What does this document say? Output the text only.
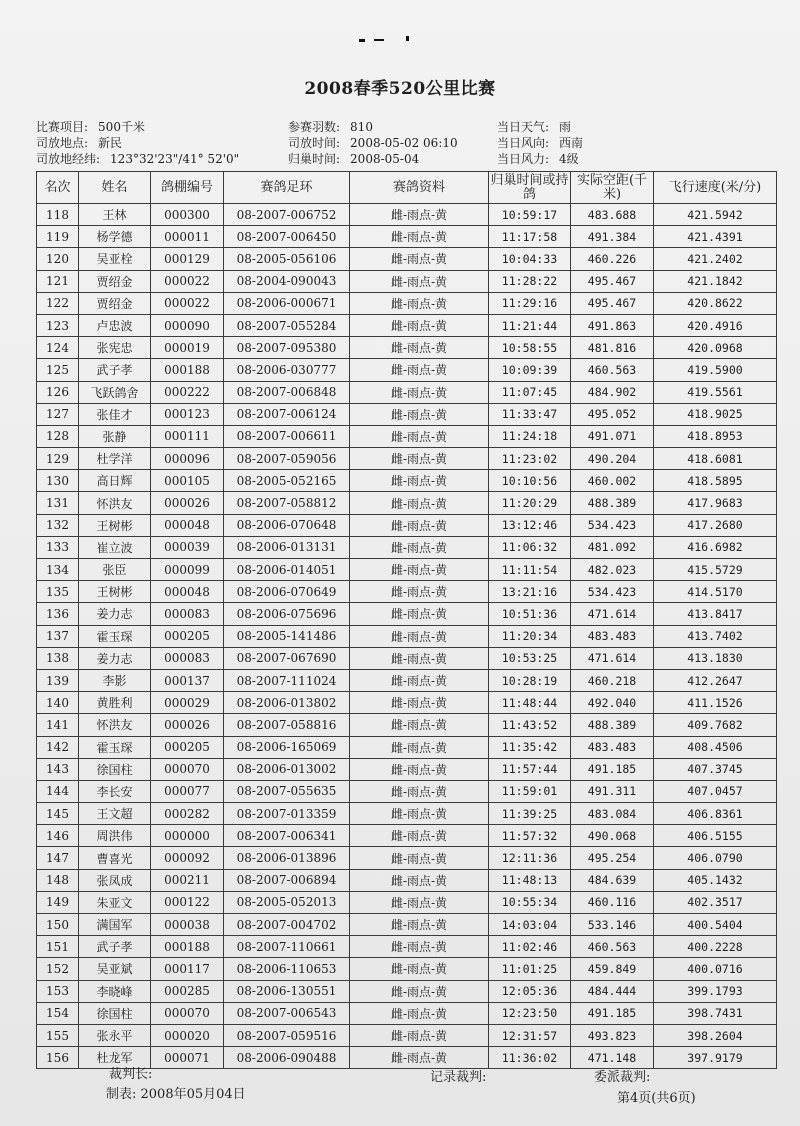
2008春季520公里比赛
比赛项目: 500千米	参赛羽数: 810	当日天气: 雨
司放地点: 新民	司放时间: 2008-05-02 06:10	当日风向: 西南
司放地经纬: 123°32'23"/41° 52'0"	归巢时间: 2008-05-04	当日风力: 4级
名次	姓名	鸽棚编号	赛鸽足环	赛鸽资料	归巢时间或持鸽	实际空距(千米)	飞行速度(米/分)
118	王林	000300	08-2007-006752	雌-雨点-黄	10:59:17	483.688	421.5942
119	杨学德	000011	08-2007-006450	雌-雨点-黄	11:17:58	491.384	421.4391
120	吴亚栓	000129	08-2005-056106	雌-雨点-黄	10:04:33	460.226	421.2402
121	贾绍金	000022	08-2004-090043	雌-雨点-黄	11:28:22	495.467	421.1842
122	贾绍金	000022	08-2006-000671	雌-雨点-黄	11:29:16	495.467	420.8622
123	卢忠波	000090	08-2007-055284	雌-雨点-黄	11:21:44	491.863	420.4916
124	张宪忠	000019	08-2007-095380	雌-雨点-黄	10:58:55	481.816	420.0968
125	武子孝	000188	08-2006-030777	雌-雨点-黄	10:09:39	460.563	419.5900
126	飞跃鸽舍	000222	08-2007-006848	雌-雨点-黄	11:07:45	484.902	419.5561
127	张佳才	000123	08-2007-006124	雌-雨点-黄	11:33:47	495.052	418.9025
128	张静	000111	08-2007-006611	雌-雨点-黄	11:24:18	491.071	418.8953
129	杜学洋	000096	08-2007-059056	雌-雨点-黄	11:23:02	490.204	418.6081
130	高日辉	000105	08-2005-052165	雌-雨点-黄	10:10:56	460.002	418.5895
131	怀洪友	000026	08-2007-058812	雌-雨点-黄	11:20:29	488.389	417.9683
132	王树彬	000048	08-2006-070648	雌-雨点-黄	13:12:46	534.423	417.2680
133	崔立波	000039	08-2006-013131	雌-雨点-黄	11:06:32	481.092	416.6982
134	张臣	000099	08-2006-014051	雌-雨点-黄	11:11:54	482.023	415.5729
135	王树彬	000048	08-2006-070649	雌-雨点-黄	13:21:16	534.423	414.5170
136	姜力志	000083	08-2006-075696	雌-雨点-黄	10:51:36	471.614	413.8417
137	霍玉琛	000205	08-2005-141486	雌-雨点-黄	11:20:34	483.483	413.7402
138	姜力志	000083	08-2007-067690	雌-雨点-黄	10:53:25	471.614	413.1830
139	李影	000137	08-2007-111024	雌-雨点-黄	10:28:19	460.218	412.2647
140	黄胜利	000029	08-2006-013802	雌-雨点-黄	11:48:44	492.040	411.1526
141	怀洪友	000026	08-2007-058816	雌-雨点-黄	11:43:52	488.389	409.7682
142	霍玉琛	000205	08-2006-165069	雌-雨点-黄	11:35:42	483.483	408.4506
143	徐国柱	000070	08-2006-013002	雌-雨点-黄	11:57:44	491.185	407.3745
144	李长安	000077	08-2007-055635	雌-雨点-黄	11:59:01	491.311	407.0457
145	王文超	000282	08-2007-013359	雌-雨点-黄	11:39:25	483.084	406.8361
146	周洪伟	000000	08-2007-006341	雌-雨点-黄	11:57:32	490.068	406.5155
147	曹喜光	000092	08-2006-013896	雌-雨点-黄	12:11:36	495.254	406.0790
148	张凤成	000211	08-2007-006894	雌-雨点-黄	11:48:13	484.639	405.1432
149	朱亚文	000122	08-2005-052013	雌-雨点-黄	10:55:34	460.116	402.3517
150	满国军	000038	08-2007-004702	雌-雨点-黄	14:03:04	533.146	400.5404
151	武子孝	000188	08-2007-110661	雌-雨点-黄	11:02:46	460.563	400.2228
152	吴亚斌	000117	08-2006-110653	雌-雨点-黄	11:01:25	459.849	400.0716
153	李晓峰	000285	08-2006-130551	雌-雨点-黄	12:05:36	484.444	399.1793
154	徐国柱	000070	08-2007-006543	雌-雨点-黄	12:23:50	491.185	398.7431
155	张永平	000020	08-2007-059516	雌-雨点-黄	12:31:57	493.823	398.2604
156	杜龙军	000071	08-2006-090488	雌-雨点-黄	11:36:02	471.148	397.9179
裁判长:	记录裁判:	委派裁判:
制表: 2008年05月04日	第4页(共6页)
